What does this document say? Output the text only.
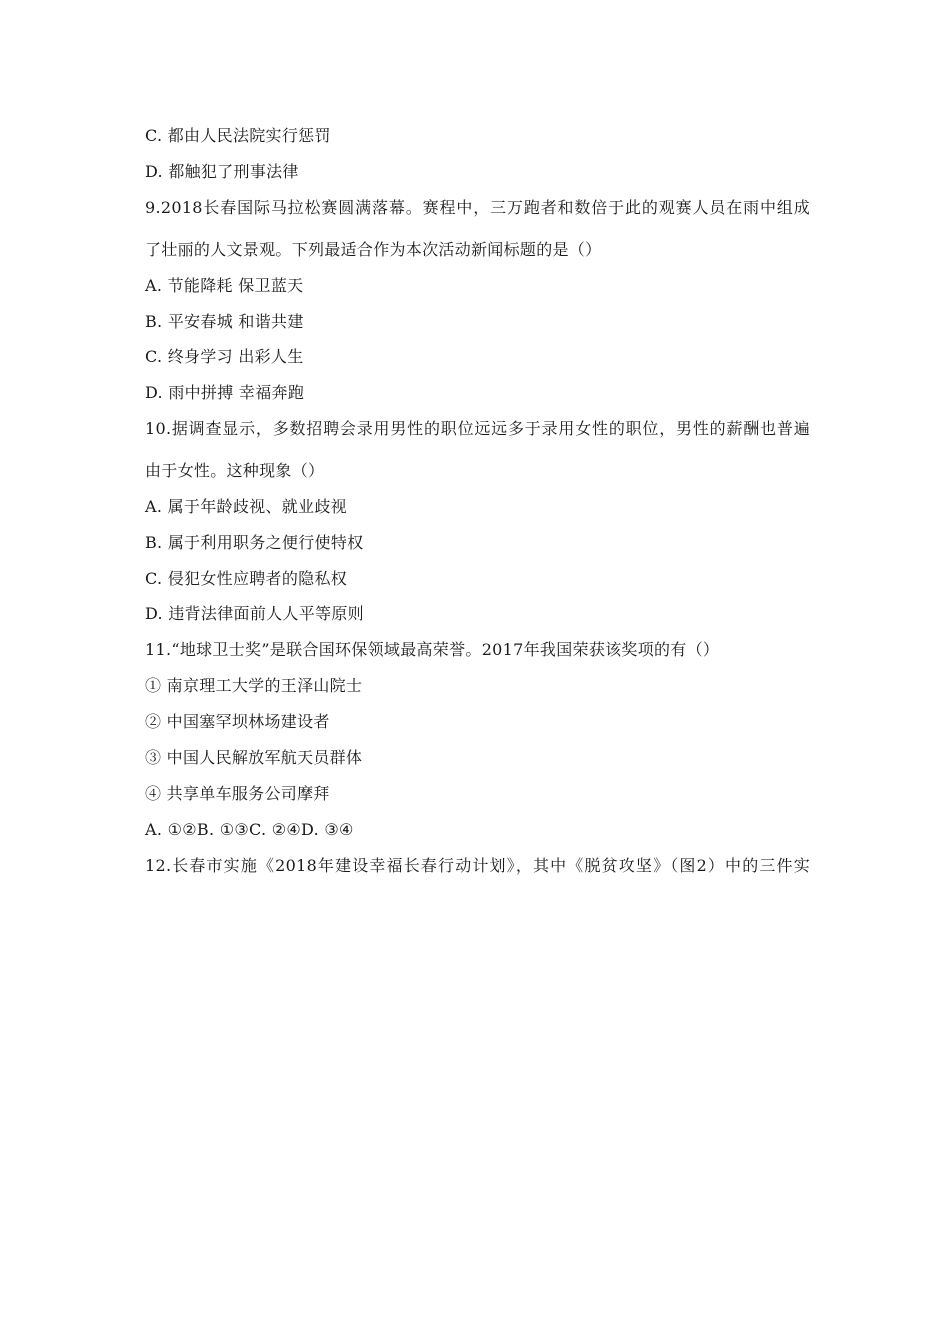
C. 都由人民法院实行惩罚
D. 都触犯了刑事法律
9.2018长春国际马拉松赛圆满落幕。赛程中，三万跑者和数倍于此的观赛人员在雨中组成
了壮丽的人文景观。下列最适合作为本次活动新闻标题的是（）
A. 节能降耗 保卫蓝天
B. 平安春城 和谐共建
C. 终身学习 出彩人生
D. 雨中拼搏 幸福奔跑
10.据调查显示，多数招聘会录用男性的职位远远多于录用女性的职位，男性的薪酬也普遍
由于女性。这种现象（）
A. 属于年龄歧视、就业歧视
B. 属于利用职务之便行使特权
C. 侵犯女性应聘者的隐私权
D. 违背法律面前人人平等原则
11.“地球卫士奖”是联合国环保领域最高荣誉。2017年我国荣获该奖项的有（）
① 南京理工大学的王泽山院士
② 中国塞罕坝林场建设者
③ 中国人民解放军航天员群体
④ 共享单车服务公司摩拜
A. ①②B. ①③C. ②④D. ③④
12.长春市实施《2018年建设幸福长春行动计划》，其中《脱贫攻坚》（图2）中的三件实
